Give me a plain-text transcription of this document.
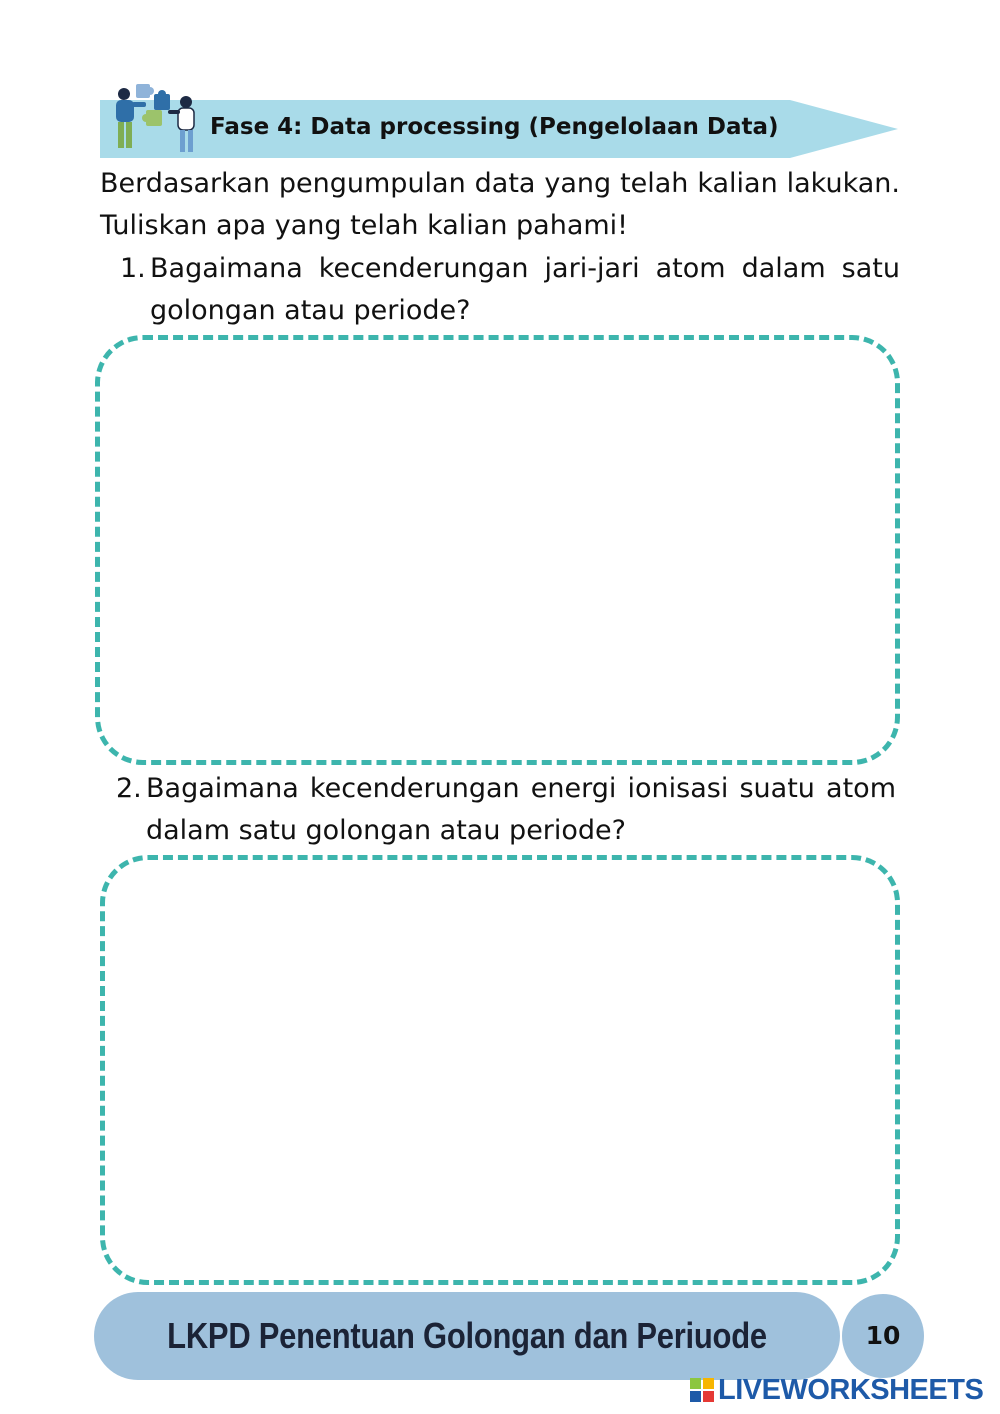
Fase 4: Data processing (Pengelolaan Data)
Berdasarkan pengumpulan data yang telah kalian lakukan. Tuliskan apa yang telah kalian pahami!
1. Bagaimana kecenderungan jari-jari atom dalam satu golongan atau periode?
2. Bagaimana kecenderungan energi ionisasi suatu atom dalam satu golongan atau periode?
LKPD Penentuan Golongan dan Periuode	10
LIVEWORKSHEETS
